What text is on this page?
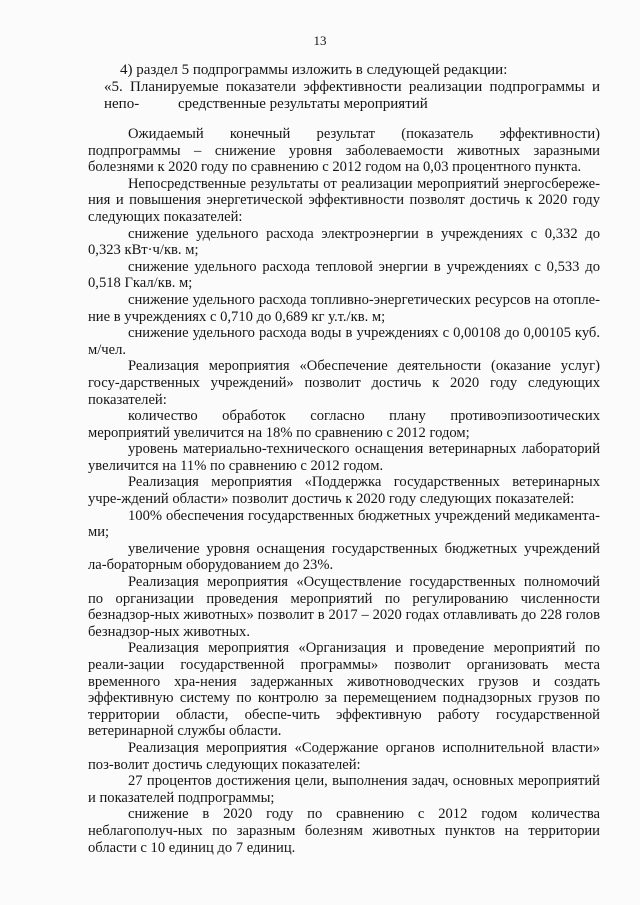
13
4) раздел 5 подпрограммы изложить в следующей редакции:
«5. Планируемые показатели эффективности реализации подпрограммы и непо-	средственные результаты мероприятий

Ожидаемый конечный результат (показатель эффективности) подпрограммы – снижение уровня заболеваемости животных заразными болезнями к 2020 году по сравнению с 2012 годом на 0,03 процентного пункта.

Непосредственные результаты от реализации мероприятий энергосбереже-ния и повышения энергетической эффективности позволят достичь к 2020 году следующих показателей:

снижение удельного расхода электроэнергии в учреждениях с 0,332 до 0,323 кВт·ч/кв. м;

снижение удельного расхода тепловой энергии в учреждениях с 0,533 до 0,518 Гкал/кв. м;

снижение удельного расхода топливно-энергетических ресурсов на отопле-ние в учреждениях с 0,710 до 0,689 кг у.т./кв. м;

снижение удельного расхода воды в учреждениях с 0,00108 до 0,00105 куб. м/чел.

Реализация мероприятия «Обеспечение деятельности (оказание услуг) госу-дарственных учреждений» позволит достичь к 2020 году следующих показателей:

количество обработок согласно плану противоэпизоотических мероприятий увеличится на 18% по сравнению с 2012 годом;

уровень материально-технического оснащения ветеринарных лабораторий увеличится на 11% по сравнению с 2012 годом.

Реализация мероприятия «Поддержка государственных ветеринарных учре-ждений области» позволит достичь к 2020 году следующих показателей:

100% обеспечения государственных бюджетных учреждений медикамента-ми;

увеличение уровня оснащения государственных бюджетных учреждений ла-бораторным оборудованием до 23%.

Реализация мероприятия «Осуществление государственных полномочий по организации проведения мероприятий по регулированию численности безнадзор-ных животных» позволит в 2017 – 2020 годах отлавливать до 228 голов безнадзор-ных животных.

Реализация мероприятия «Организация и проведение мероприятий по реали-зации государственной программы» позволит организовать места временного хра-нения задержанных животноводческих грузов и создать эффективную систему по контролю за перемещением поднадзорных грузов по территории области, обеспе-чить эффективную работу государственной ветеринарной службы области.

Реализация мероприятия «Содержание органов исполнительной власти» поз-волит достичь следующих показателей:

27 процентов достижения цели, выполнения задач, основных мероприятий и показателей подпрограммы;

снижение в 2020 году по сравнению с 2012 годом количества неблагополуч-ных по заразным болезням животных пунктов на территории области с 10 единиц до 7 единиц.
